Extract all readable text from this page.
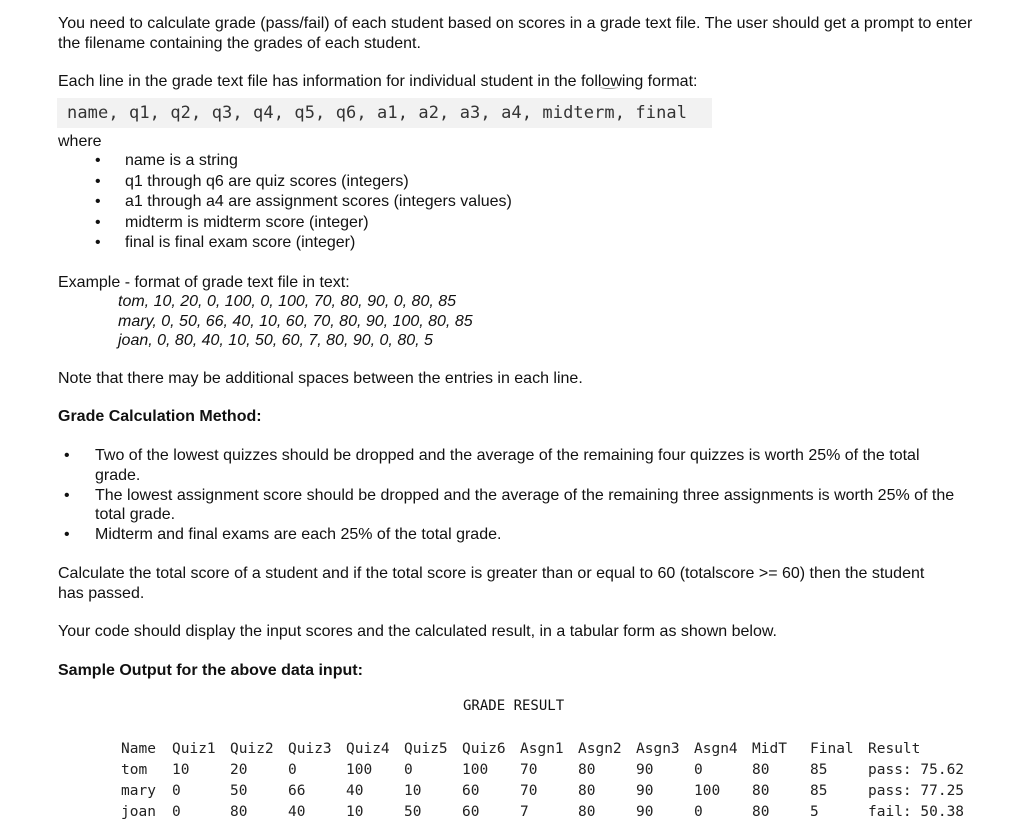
You need to calculate grade (pass/fail) of each student based on scores in a grade text file. The user should get a prompt to enter the filename containing the grades of each student.
Each line in the grade text file has information for individual student in the following format:
name, q1, q2, q3, q4, q5, q6, a1, a2, a3, a4, midterm, final
where
• name is a string
• q1 through q6 are quiz scores (integers)
• a1 through a4 are assignment scores (integers values)
• midterm is midterm score (integer)
• final is final exam score (integer)
Example - format of grade text file in text:
tom, 10, 20, 0, 100, 0, 100, 70, 80, 90, 0, 80, 85
mary, 0, 50, 66, 40, 10, 60, 70, 80, 90, 100, 80, 85
joan, 0, 80, 40, 10, 50, 60, 7, 80, 90, 0, 80, 5
Note that there may be additional spaces between the entries in each line.
Grade Calculation Method:
• Two of the lowest quizzes should be dropped and the average of the remaining four quizzes is worth 25% of the total grade.
• The lowest assignment score should be dropped and the average of the remaining three assignments is worth 25% of the total grade.
• Midterm and final exams are each 25% of the total grade.
Calculate the total score of a student and if the total score is greater than or equal to 60 (totalscore >= 60) then the student has passed.
Your code should display the input scores and the calculated result, in a tabular form as shown below.
Sample Output for the above data input:
GRADE RESULT
Name	Quiz1	Quiz2	Quiz3	Quiz4	Quiz5	Quiz6	Asgn1	Asgn2	Asgn3	Asgn4	MidT	Final	Result
tom	10	20	0	100	0	100	70	80	90	0	80	85	pass: 75.62
mary	0	50	66	40	10	60	70	80	90	100	80	85	pass: 77.25
joan	0	80	40	10	50	60	7	80	90	0	80	5	fail: 50.38
